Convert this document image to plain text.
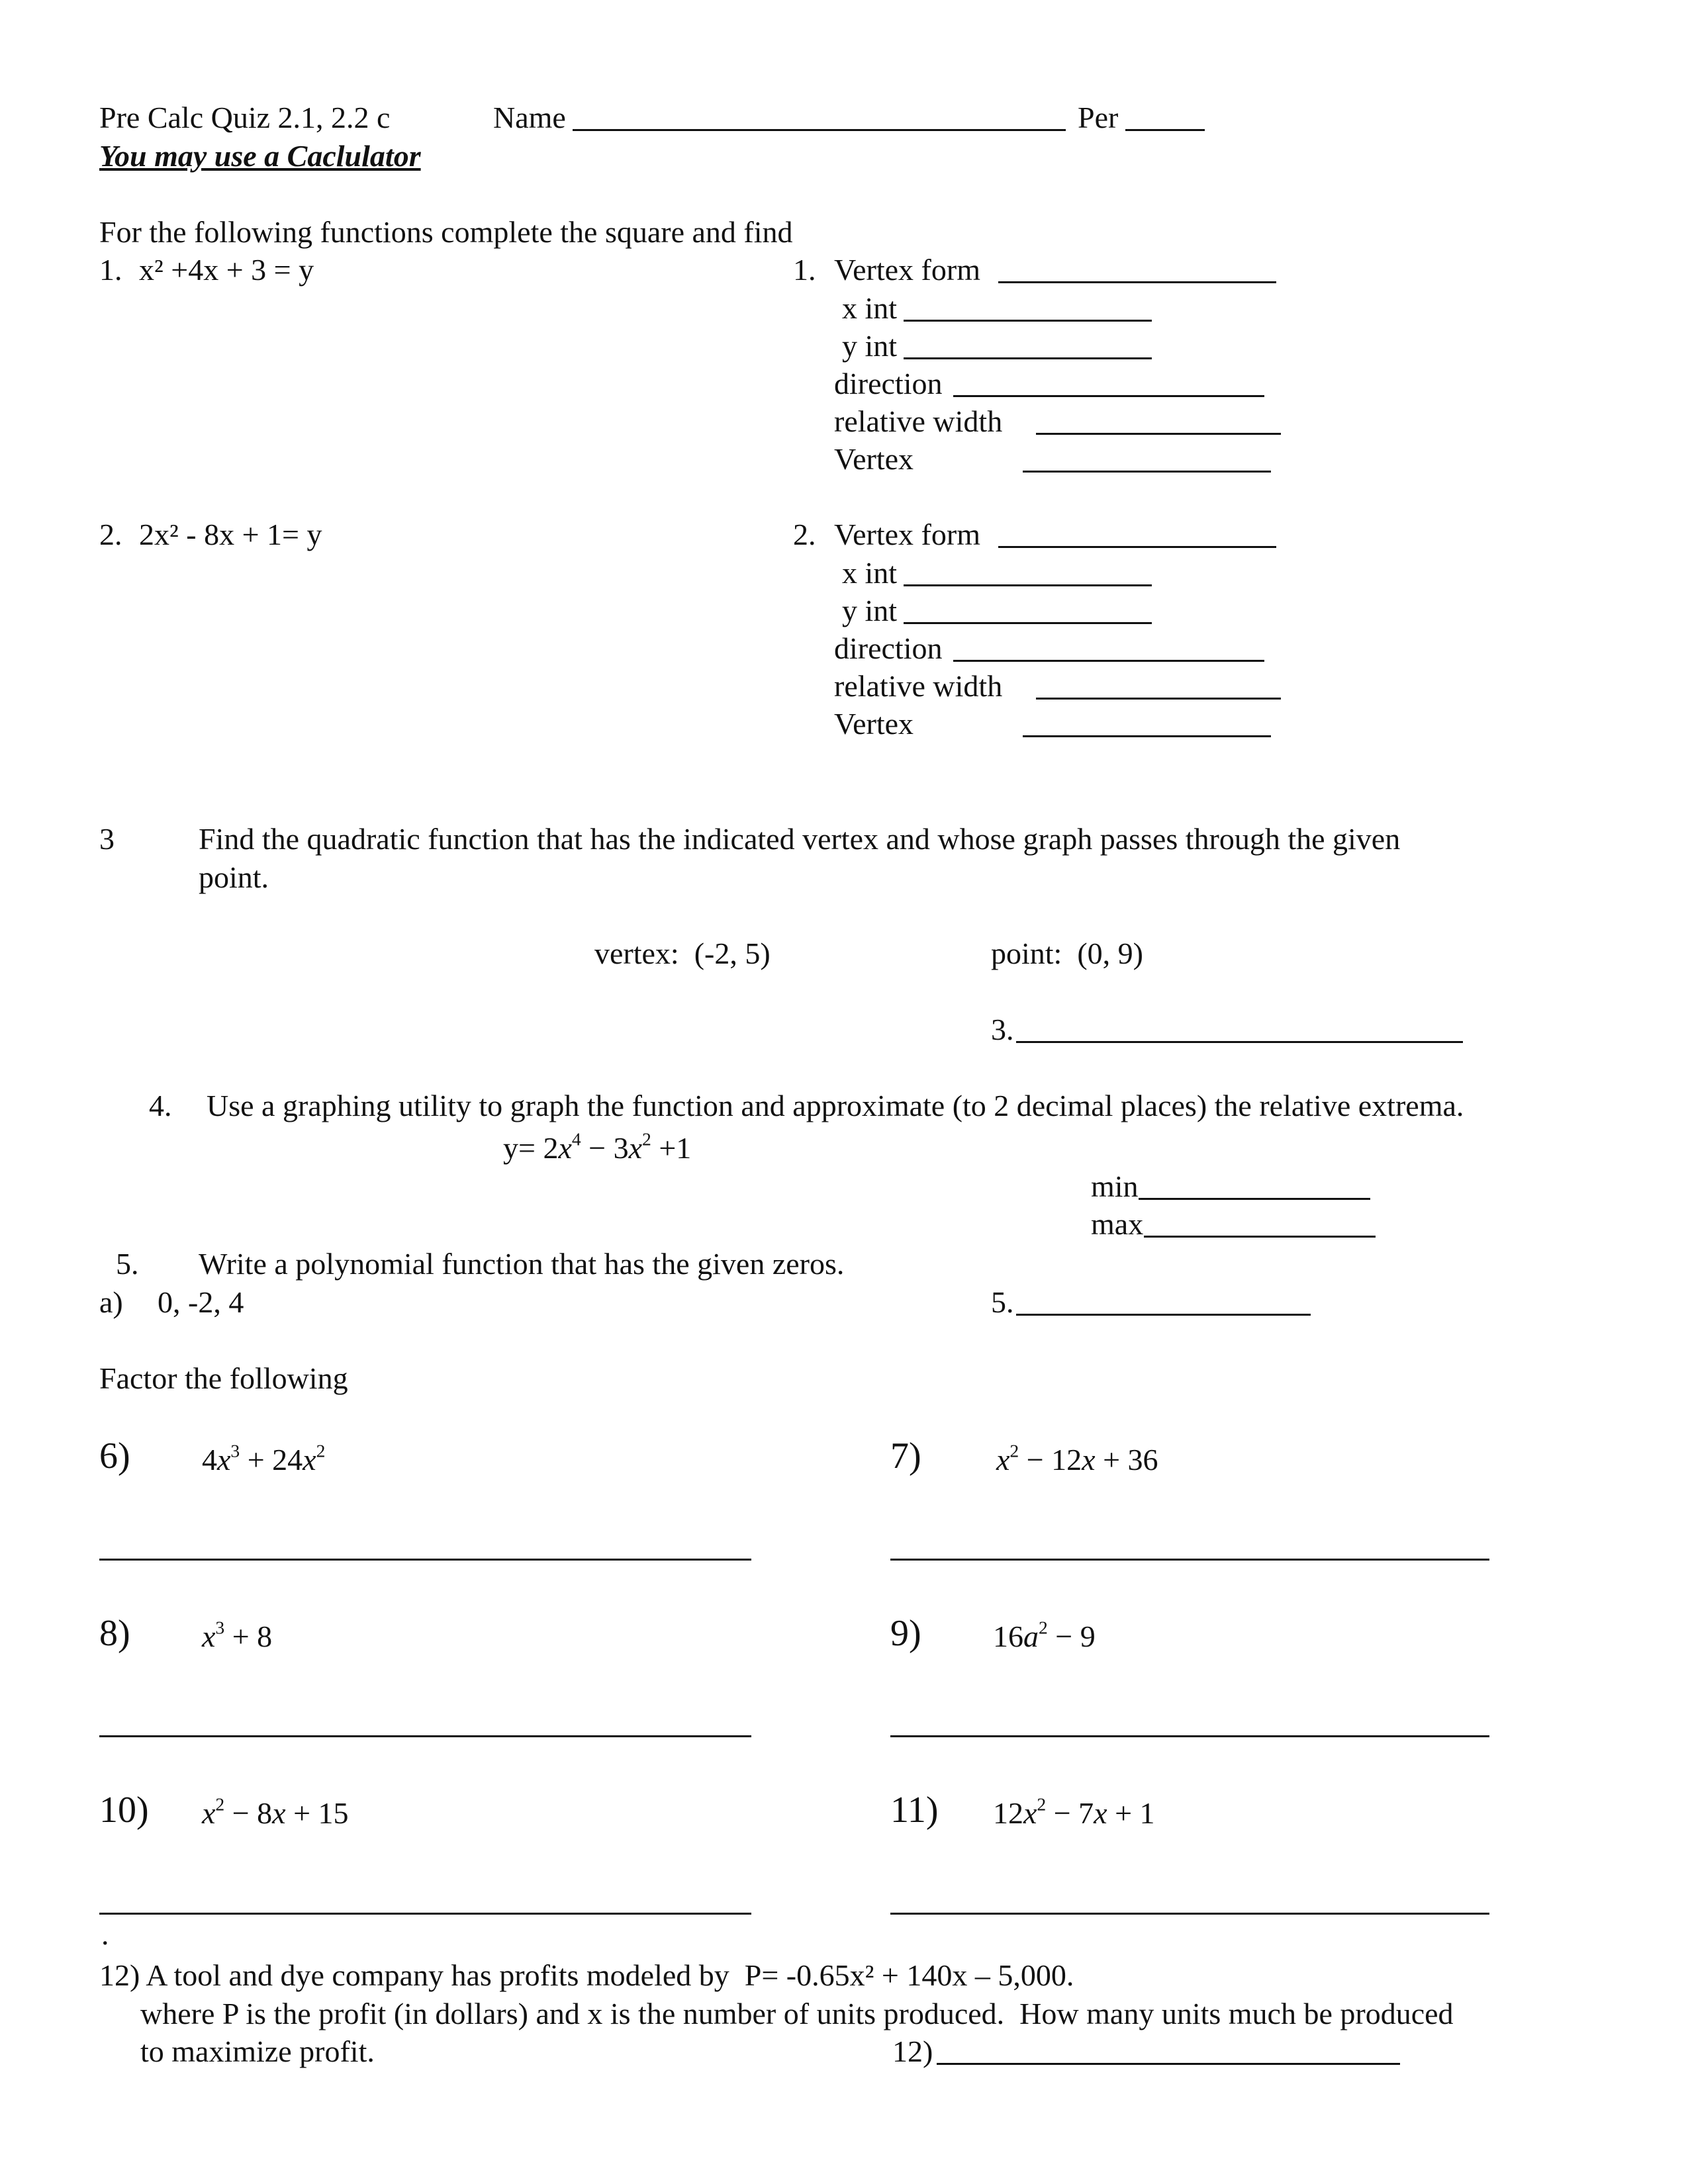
Pre Calc Quiz 2.1, 2.2 c	Name	Per
You may use a Caclulator
For the following functions complete the square and find
1. x² +4x + 3 = y	1. Vertex form
x int
y int
direction
relative width
Vertex
2. 2x² - 8x + 1= y	2. Vertex form
x int
y int
direction
relative width
Vertex
3	Find the quadratic function that has the indicated vertex and whose graph passes through the given
point.
vertex:  (-2, 5)	point:  (0, 9)
3.
4. Use a graphing utility to graph the function and approximate (to 2 decimal places) the relative extrema.
$y= 2x^4 - 3x^2 +1$
min
max
5. Write a polynomial function that has the given zeros.
a) 0, -2, 4	5.
Factor the following
6) $4x^3 + 24x^2$	7) $x^2 - 12x + 36$
8) $x^3 + 8$	9) $16a^2 - 9$
10) $x^2 - 8x + 15$	11) $12x^2 - 7x + 1$
.
12) A tool and dye company has profits modeled by  P= -0.65x² + 140x – 5,000.
where P is the profit (in dollars) and x is the number of units produced.  How many units much be produced
to maximize profit.	12)
